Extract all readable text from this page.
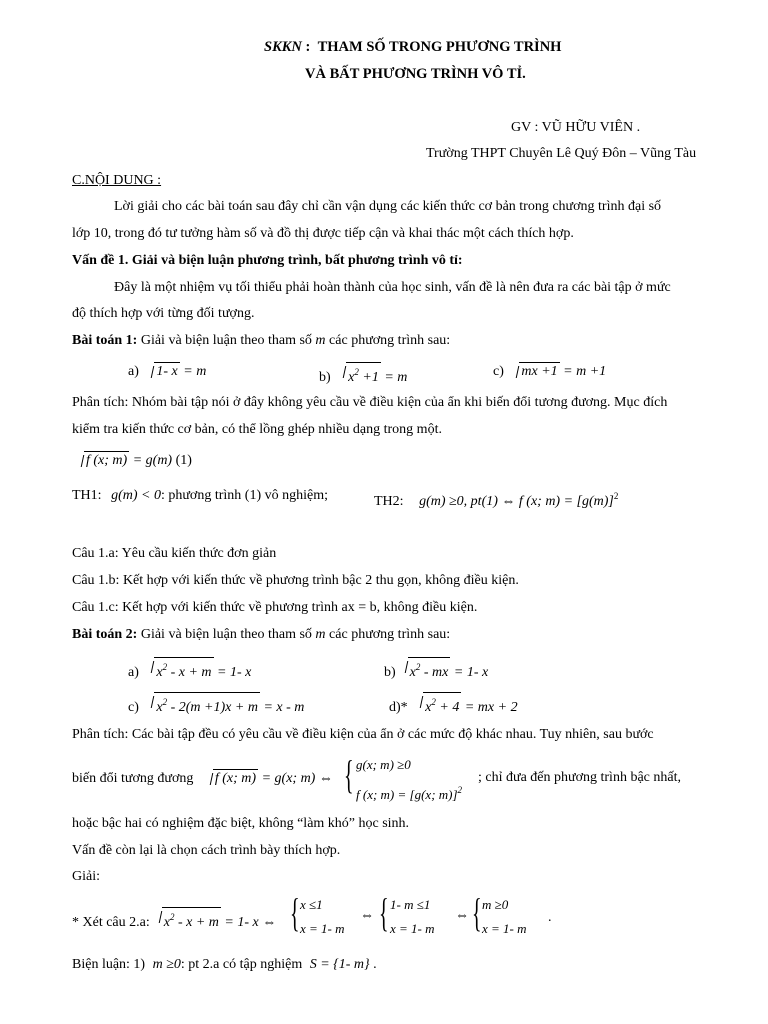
SKKN : THAM SỐ TRONG PHƯƠNG TRÌNH
VÀ BẤT PHƯƠNG TRÌNH VÔ TỈ.
GV : VŨ HỮU VIÊN .
Trường THPT Chuyên Lê Quý Đôn – Vũng Tàu
C.NỘI DUNG :
Lời giải cho các bài toán sau đây chỉ cần vận dụng các kiến thức cơ bản trong chương trình đại số
lớp 10, trong đó tư tưởng hàm số và đồ thị được tiếp cận và khai thác một cách thích hợp.
Vấn đề 1. Giải và biện luận phương trình, bất phương trình vô tỉ:
Đây là một nhiệm vụ tối thiểu phải hoàn thành của học sinh, vấn đề là nên đưa ra các bài tập ở mức
độ thích hợp với từng đối tượng.
Bài toán 1: Giải và biện luận theo tham số m các phương trình sau:
a) 1- x = m	b) $x^2 +1 = m$	c) mx +1 = m +1
Phân tích: Nhóm bài tập nói ở đây không yêu cầu về điều kiện của ẩn khi biến đổi tương đương. Mục đích
kiểm tra kiến thức cơ bản, có thể lồng ghép nhiều dạng trong một.
f (x; m) = g(m) (1)
TH1: g(m) < 0: phương trình (1) vô nghiệm;	TH2: g(m) ≥0, pt(1) ⇔ f (x; $m) = [g(m)]^2$
Câu 1.a: Yêu cầu kiến thức đơn giản
Câu 1.b: Kết hợp với kiến thức về phương trình bậc 2 thu gọn, không điều kiện.
Câu 1.c: Kết hợp với kiến thức về phương trình ax = b, không điều kiện.
Bài toán 2: Giải và biện luận theo tham số m các phương trình sau:
a) $x^2 - x + m = 1-$ x	b) $x^2$ - mx = 1- x
c) $x^2 - 2(m +1)x + m = x - m$	d)* $x^2 + 4$ = mx + 2
Phân tích: Các bài tập đều có yêu cầu về điều kiện của ẩn ở các mức độ khác nhau. Tuy nhiên, sau bước
biến đổi tương đương f (x; m) = g(x; m) ⇔ { g(x; m) ≥0
f (x; m) = [g(x; m)]$^2$
; chỉ đưa đến phương trình bậc nhất,
hoặc bậc hai có nghiệm đặc biệt, không “làm khó” học sinh.
Vấn đề còn lại là chọn cách trình bày thích hợp.
Giải:
* Xét câu 2.a: $x^2 - x + m = 1-$ x ⇔ { x ≤1
x = 1- m
⇔ { 1- m ≤1
x = 1- m
⇔ { m ≥0
x = 1- m
.
Biện luận: 1) m ≥0: pt 2.a có tập nghiệm S = {1- m} .
